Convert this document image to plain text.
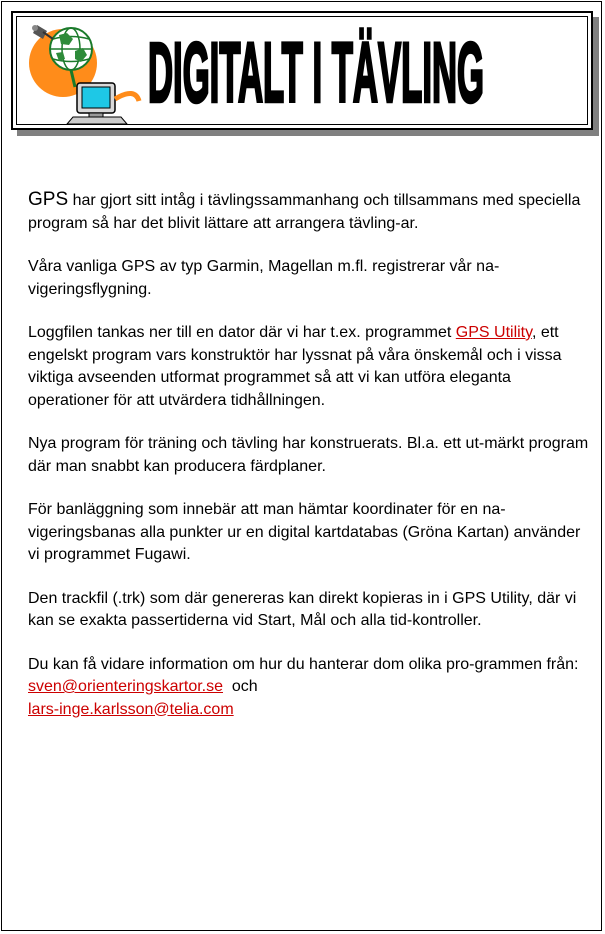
DIGITALT I TÄVLING

GPS har gjort sitt intåg i tävlingssammanhang och tillsammans med speciella program så har det blivit lättare att arrangera tävling-ar.

Våra vanliga GPS av typ Garmin, Magellan m.fl. registrerar vår na-vigeringsflygning.

Loggfilen tankas ner till en dator där vi har t.ex. programmet GPS Utility, ett engelskt program vars konstruktör har lyssnat på våra önskemål och i vissa viktiga avseenden utformat programmet så att vi kan utföra eleganta operationer för att utvärdera tidhållningen.

Nya program för träning och tävling har konstruerats. Bl.a. ett ut-märkt program där man snabbt kan producera färdplaner.

För banläggning som innebär att man hämtar koordinater för en na-vigeringsbanas alla punkter ur en digital kartdatabas (Gröna Kartan) använder vi programmet Fugawi.

Den trackfil (.trk) som där genereras kan direkt kopieras in i GPS Utility, där vi kan se exakta passertiderna vid Start, Mål och alla tid-kontroller.

Du kan få vidare information om hur du hanterar dom olika pro-grammen från: sven@orienteringskartor.se  och
lars-inge.karlsson@telia.com
